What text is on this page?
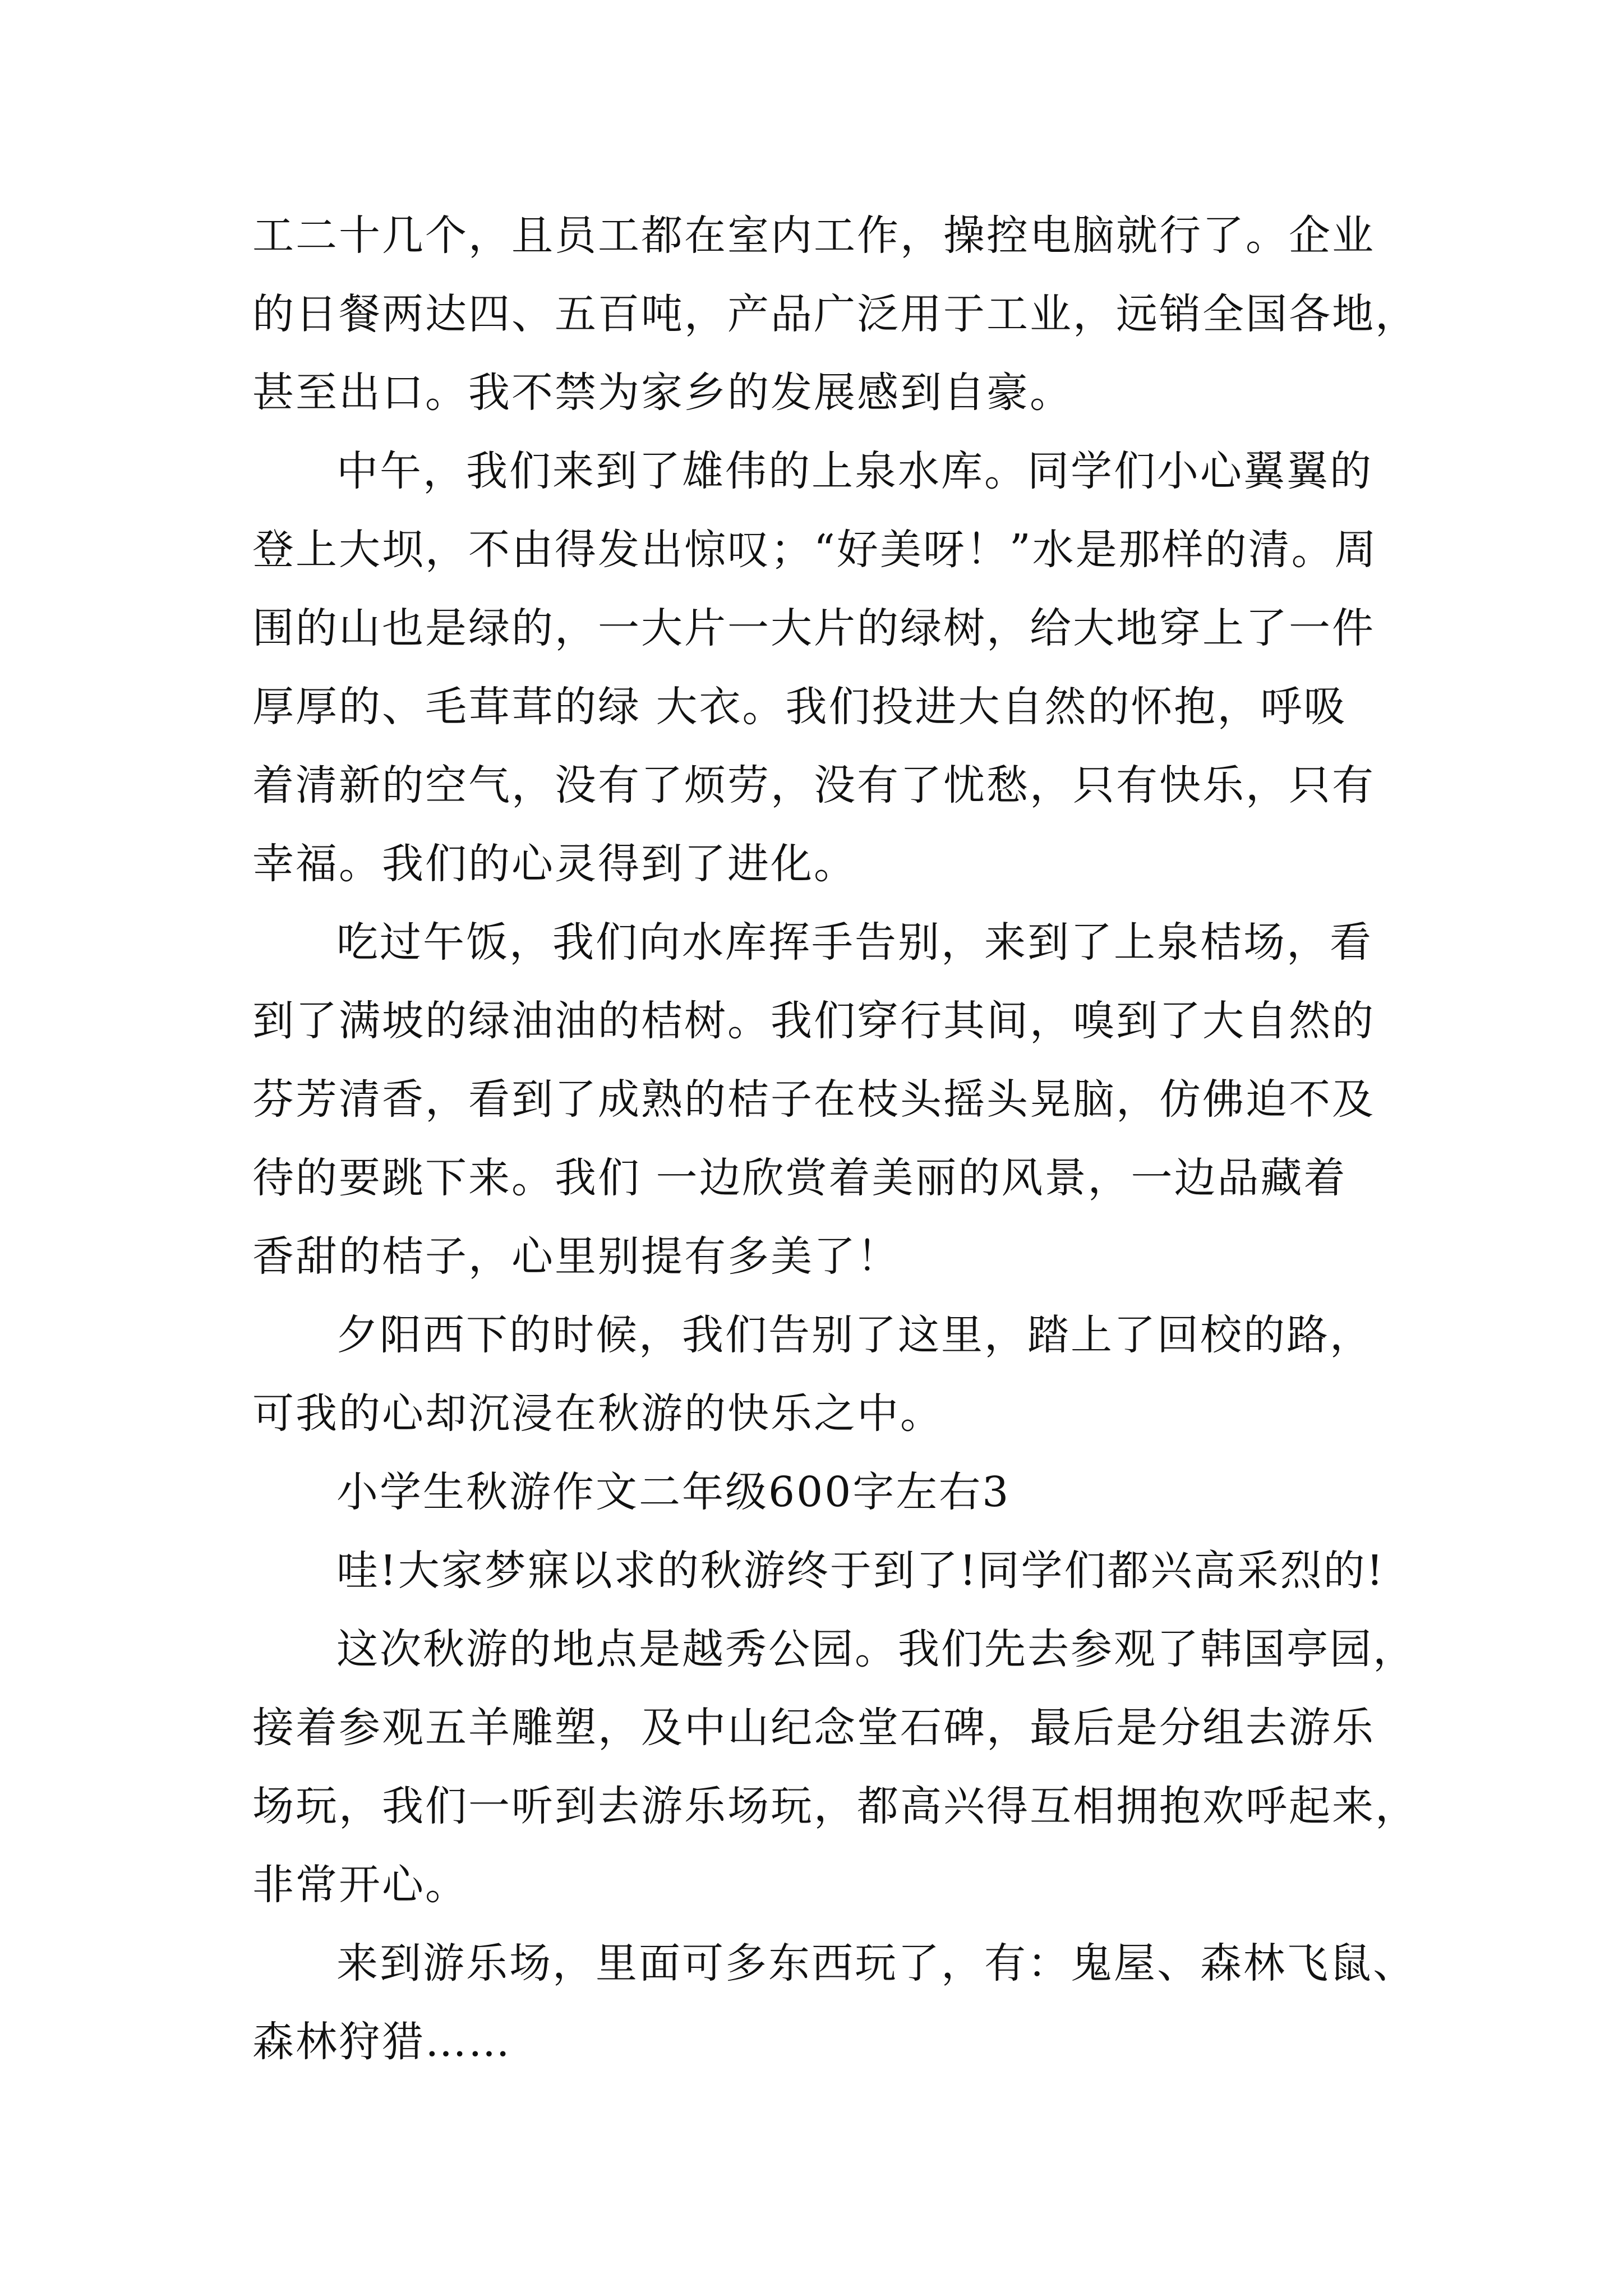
工二十几个，且员工都在室内工作，操控电脑就行了。企业
的日餐两达四、五百吨，产品广泛用于工业，远销全国各地，
甚至出口。我不禁为家乡的发展感到自豪。
中午，我们来到了雄伟的上泉水库。同学们小心翼翼的
登上大坝，不由得发出惊叹；“好美呀！”水是那样的清。周
围的山也是绿的，一大片一大片的绿树，给大地穿上了一件
厚厚的、毛茸茸的绿 大衣。我们投进大自然的怀抱，呼吸
着清新的空气，没有了烦劳，没有了忧愁，只有快乐，只有
幸福。我们的心灵得到了进化。
吃过午饭，我们向水库挥手告别，来到了上泉桔场，看
到了满坡的绿油油的桔树。我们穿行其间，嗅到了大自然的
芬芳清香，看到了成熟的桔子在枝头摇头晃脑，仿佛迫不及
待的要跳下来。我们 一边欣赏着美丽的风景，一边品藏着
香甜的桔子，心里别提有多美了！
夕阳西下的时候，我们告别了这里，踏上了回校的路，
可我的心却沉浸在秋游的快乐之中。
小学生秋游作文二年级600字左右3
哇!大家梦寐以求的秋游终于到了!同学们都兴高采烈的!
这次秋游的地点是越秀公园。我们先去参观了韩国亭园，
接着参观五羊雕塑，及中山纪念堂石碑，最后是分组去游乐
场玩，我们一听到去游乐场玩，都高兴得互相拥抱欢呼起来，
非常开心。
来到游乐场，里面可多东西玩了，有：鬼屋、森林飞鼠、
森林狩猎……
